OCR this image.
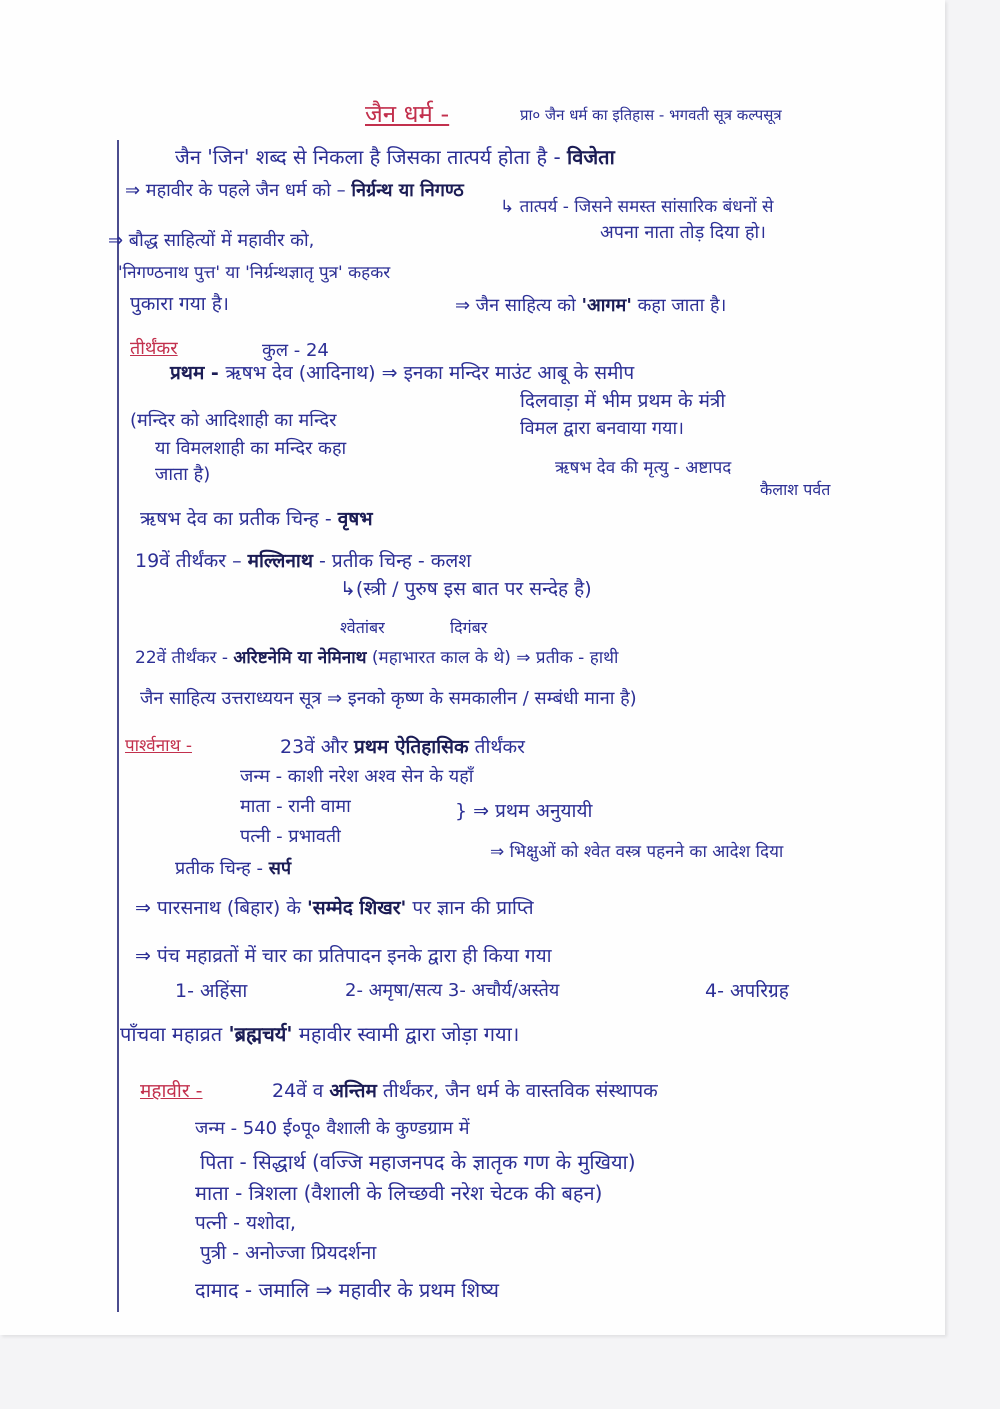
जैन धर्म -	प्रा० जैन धर्म का इतिहास - भगवती सूत्र कल्पसूत्र
जैन 'जिन' शब्द से निकला है जिसका तात्पर्य होता है - विजेता
⇒ महावीर के पहले जैन धर्म को – निर्ग्रन्थ या निगण्ठ
↳ तात्पर्य - जिसने समस्त सांसारिक बंधनों से
अपना नाता तोड़ दिया हो।
⇒ बौद्ध साहित्यों में महावीर को,
'निगण्ठनाथ पुत्त' या 'निर्ग्रन्थज्ञातृ पुत्र' कहकर
पुकारा गया है।	⇒ जैन साहित्य को 'आगम' कहा जाता है।
तीर्थंकर	कुल - 24
प्रथम - ऋषभ देव (आदिनाथ) ⇒ इनका मन्दिर माउंट आबू के समीप
दिलवाड़ा में भीम प्रथम के मंत्री
विमल द्वारा बनवाया गया।
(मन्दिर को आदिशाही का मन्दिर
या विमलशाही का मन्दिर कहा
जाता है)	ऋषभ देव की मृत्यु - अष्टापद
कैलाश पर्वत
ऋषभ देव का प्रतीक चिन्ह - वृषभ
19वें तीर्थंकर – मल्लिनाथ - प्रतीक चिन्ह - कलश
↳(स्त्री / पुरुष इस बात पर सन्देह है)
श्वेतांबर	दिगंबर
22वें तीर्थंकर - अरिष्टनेमि या नेमिनाथ (महाभारत काल के थे) ⇒ प्रतीक - हाथी
जैन साहित्य उत्तराध्ययन सूत्र ⇒ इनको कृष्ण के समकालीन / सम्बंधी माना है)
पार्श्वनाथ -	23वें और प्रथम ऐतिहासिक तीर्थंकर
जन्म - काशी नरेश अश्व सेन के यहाँ
माता - रानी वामा	} ⇒ प्रथम अनुयायी
पत्नी - प्रभावती
⇒ भिक्षुओं को श्वेत वस्त्र पहनने का आदेश दिया
प्रतीक चिन्ह - सर्प
⇒ पारसनाथ (बिहार) के 'सम्मेद शिखर' पर ज्ञान की प्राप्ति
⇒ पंच महाव्रतों में चार का प्रतिपादन इनके द्वारा ही किया गया
1- अहिंसा	2- अमृषा/सत्य 3- अचौर्य/अस्तेय	4- अपरिग्रह
पाँचवा महाव्रत 'ब्रह्मचर्य' महावीर स्वामी द्वारा जोड़ा गया।
महावीर -	24वें व अन्तिम तीर्थंकर, जैन धर्म के वास्तविक संस्थापक
जन्म - 540 ई०पू० वैशाली के कुण्डग्राम में
पिता - सिद्धार्थ (वज्जि महाजनपद के ज्ञातृक गण के मुखिया)
माता - त्रिशला (वैशाली के लिच्छवी नरेश चेटक की बहन)
पत्नी - यशोदा,
पुत्री - अनोज्जा प्रियदर्शना
दामाद - जमालि ⇒ महावीर के प्रथम शिष्य
